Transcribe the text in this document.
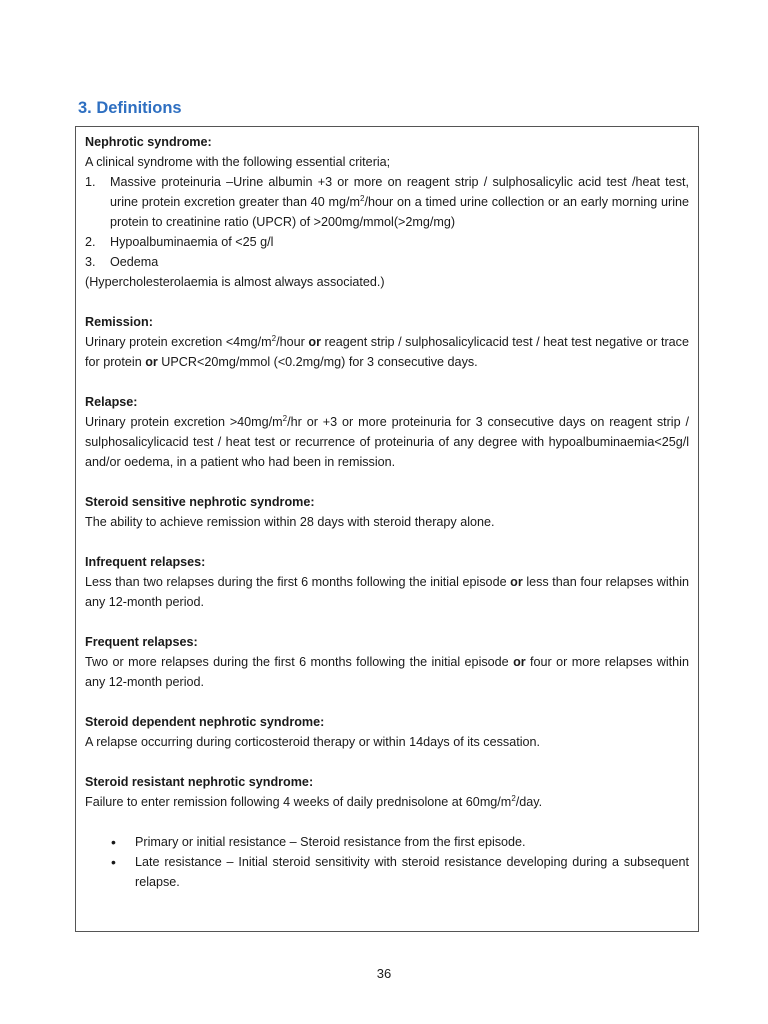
3. Definitions
Nephrotic syndrome:
A clinical syndrome with the following essential criteria;
1. Massive proteinuria –Urine albumin +3 or more on reagent strip / sulphosalicylic acid test /heat test, urine protein excretion greater than 40 $mg/m^2$/hour on a timed urine collection or an early morning urine protein to creatinine ratio (UPCR) of >200mg/mmol(>2mg/mg)
2. Hypoalbuminaemia of <25 g/l
3. Oedema
(Hypercholesterolaemia is almost always associated.)
Remission:
Urinary protein excretion $<4mg/m^2$/hour or reagent strip / sulphosalicylicacid test / heat test negative or trace for protein or UPCR<20mg/mmol (<0.2mg/mg) for 3 consecutive days.
Relapse:
Urinary protein excretion $>40mg/m^2/hr$ or +3 or more proteinuria for 3 consecutive days on reagent strip / sulphosalicylicacid test / heat test or recurrence of proteinuria of any degree with hypoalbuminaemia<25g/l and/or oedema, in a patient who had been in remission.
Steroid sensitive nephrotic syndrome:
The ability to achieve remission within 28 days with steroid therapy alone.
Infrequent relapses:
Less than two relapses during the first 6 months following the initial episode or less than four relapses within any 12-month period.
Frequent relapses:
Two or more relapses during the first 6 months following the initial episode or four or more relapses within any 12-month period.
Steroid dependent nephrotic syndrome:
A relapse occurring during corticosteroid therapy or within 14days of its cessation.
Steroid resistant nephrotic syndrome:
Failure to enter remission following 4 weeks of daily prednisolone at $60mg/m^2$/day.
• Primary or initial resistance – Steroid resistance from the first episode.
• Late resistance – Initial steroid sensitivity with steroid resistance developing during a subsequent relapse.
36
